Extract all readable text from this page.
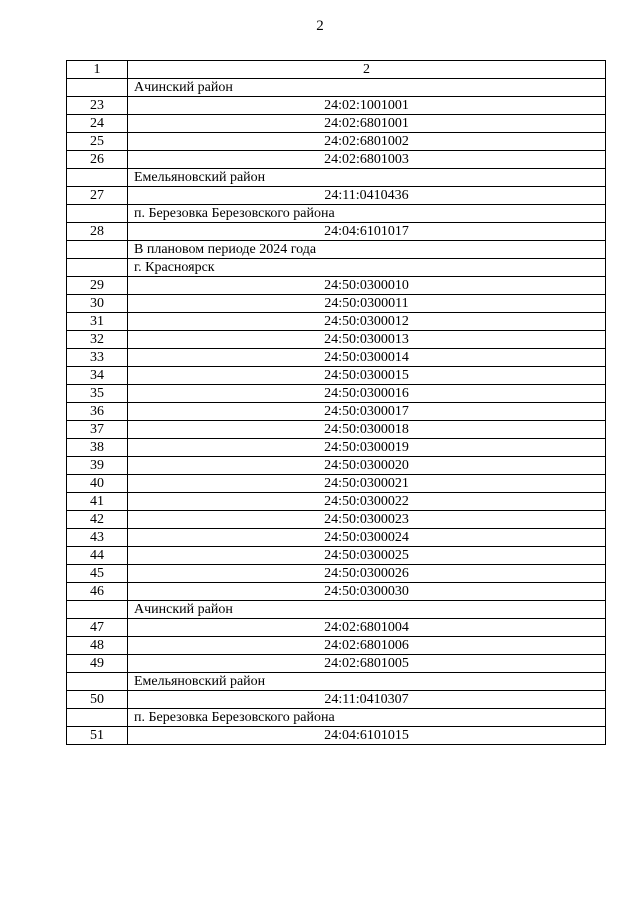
2
1	2
	Ачинский район
23	24:02:1001001
24	24:02:6801001
25	24:02:6801002
26	24:02:6801003
	Емельяновский район
27	24:11:0410436
	п. Березовка Березовского района
28	24:04:6101017
	В плановом периоде 2024 года
	г. Красноярск
29	24:50:0300010
30	24:50:0300011
31	24:50:0300012
32	24:50:0300013
33	24:50:0300014
34	24:50:0300015
35	24:50:0300016
36	24:50:0300017
37	24:50:0300018
38	24:50:0300019
39	24:50:0300020
40	24:50:0300021
41	24:50:0300022
42	24:50:0300023
43	24:50:0300024
44	24:50:0300025
45	24:50:0300026
46	24:50:0300030
	Ачинский район
47	24:02:6801004
48	24:02:6801006
49	24:02:6801005
	Емельяновский район
50	24:11:0410307
	п. Березовка Березовского района
51	24:04:6101015
